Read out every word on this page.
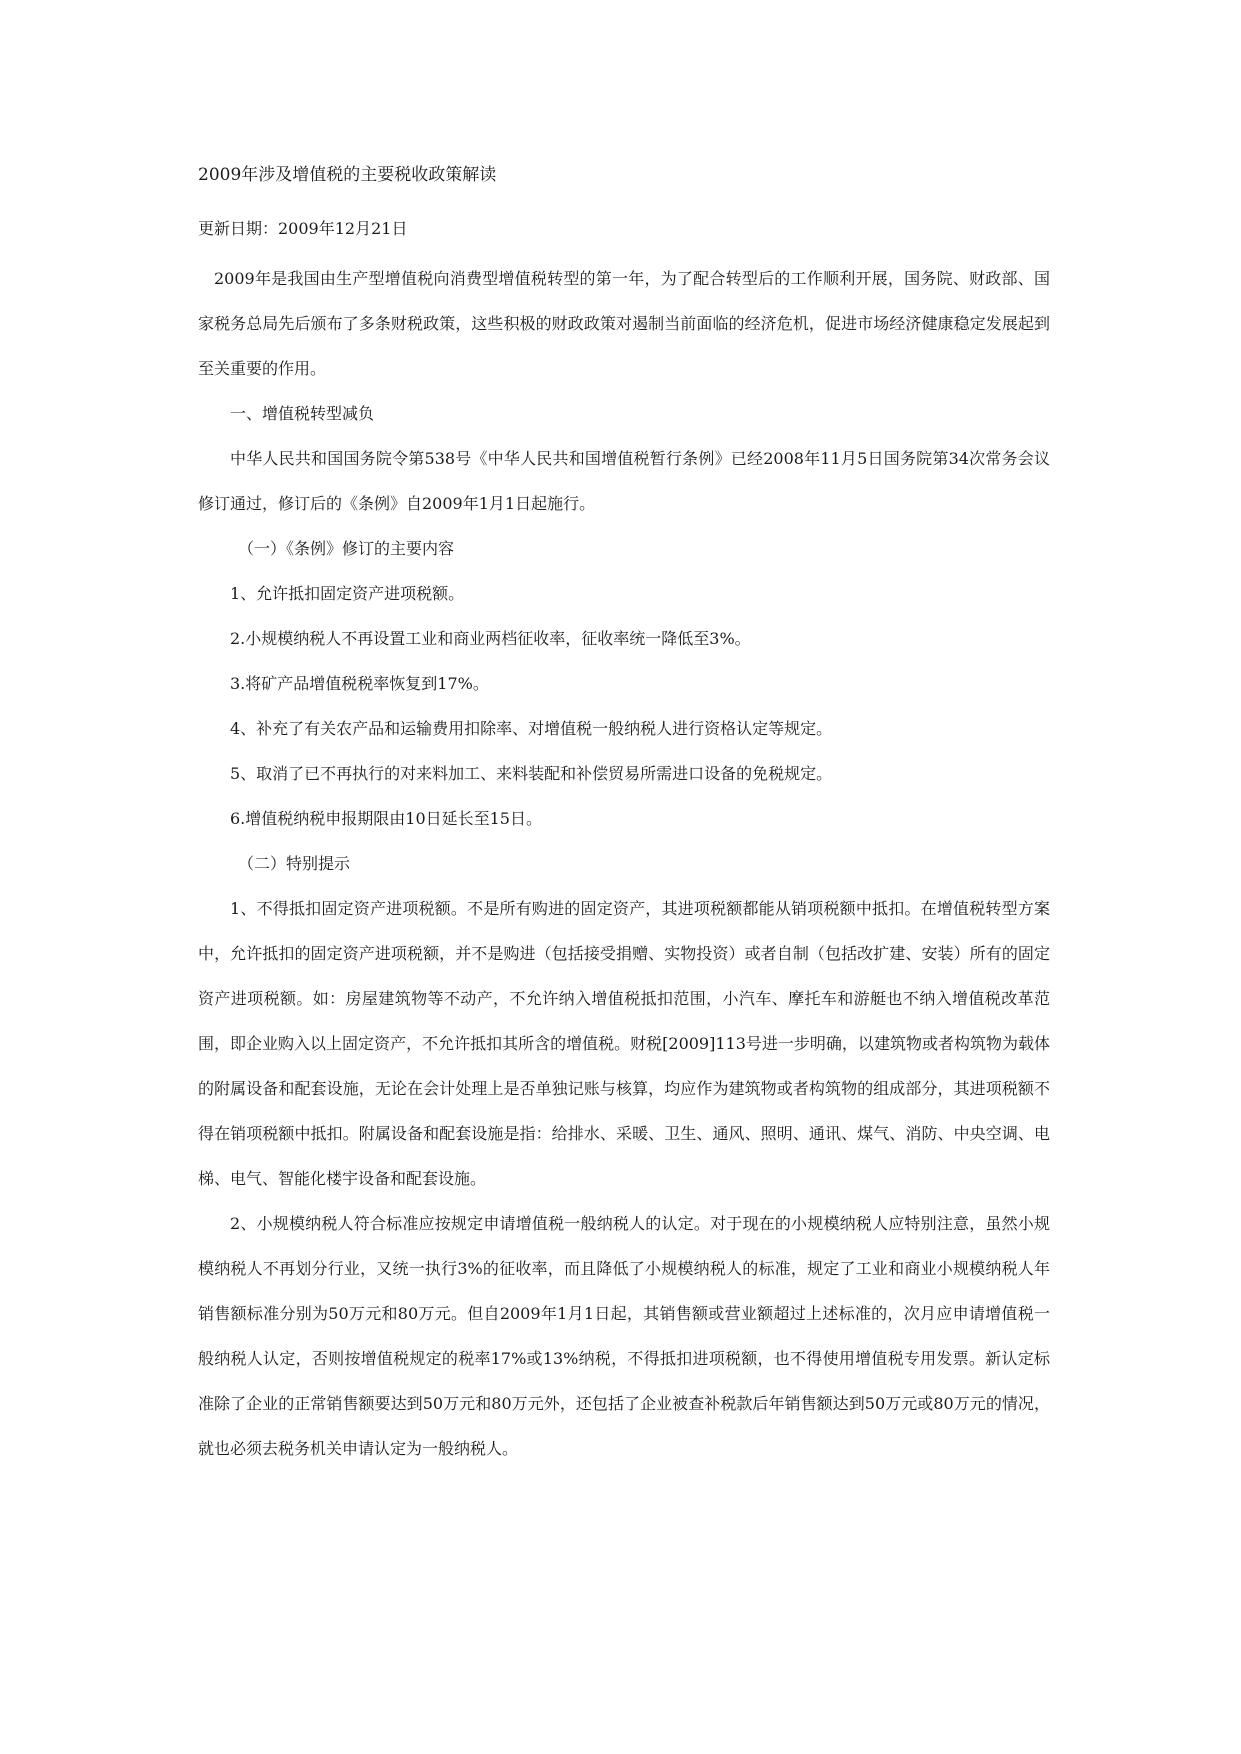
2009年涉及增值税的主要税收政策解读

更新日期：2009年12月21日

2009年是我国由生产型增值税向消费型增值税转型的第一年，为了配合转型后的工作顺利开展，国务院、财政部、国家税务总局先后颁布了多条财税政策，这些积极的财政政策对遏制当前面临的经济危机，促进市场经济健康稳定发展起到至关重要的作用。

一、增值税转型减负

中华人民共和国国务院令第538号《中华人民共和国增值税暂行条例》已经2008年11月5日国务院第34次常务会议修订通过，修订后的《条例》自2009年1月1日起施行。

（一）《条例》修订的主要内容

1、允许抵扣固定资产进项税额。

2.小规模纳税人不再设置工业和商业两档征收率，征收率统一降低至3%。

3.将矿产品增值税税率恢复到17%。

4、补充了有关农产品和运输费用扣除率、对增值税一般纳税人进行资格认定等规定。

5、取消了已不再执行的对来料加工、来料装配和补偿贸易所需进口设备的免税规定。

6.增值税纳税申报期限由10日延长至15日。

（二）特别提示

1、不得抵扣固定资产进项税额。不是所有购进的固定资产，其进项税额都能从销项税额中抵扣。在增值税转型方案中，允许抵扣的固定资产进项税额，并不是购进（包括接受捐赠、实物投资）或者自制（包括改扩建、安装）所有的固定资产进项税额。如：房屋建筑物等不动产，不允许纳入增值税抵扣范围，小汽车、摩托车和游艇也不纳入增值税改革范围，即企业购入以上固定资产，不允许抵扣其所含的增值税。财税[2009]113号进一步明确，以建筑物或者构筑物为载体的附属设备和配套设施，无论在会计处理上是否单独记账与核算，均应作为建筑物或者构筑物的组成部分，其进项税额不得在销项税额中抵扣。附属设备和配套设施是指：给排水、采暖、卫生、通风、照明、通讯、煤气、消防、中央空调、电梯、电气、智能化楼宇设备和配套设施。

2、小规模纳税人符合标准应按规定申请增值税一般纳税人的认定。对于现在的小规模纳税人应特别注意，虽然小规模纳税人不再划分行业，又统一执行3%的征收率，而且降低了小规模纳税人的标准，规定了工业和商业小规模纳税人年销售额标准分别为50万元和80万元。但自2009年1月1日起，其销售额或营业额超过上述标准的，次月应申请增值税一般纳税人认定，否则按增值税规定的税率17%或13%纳税，不得抵扣进项税额，也不得使用增值税专用发票。新认定标准除了企业的正常销售额要达到50万元和80万元外，还包括了企业被查补税款后年销售额达到50万元或80万元的情况，就也必须去税务机关申请认定为一般纳税人。
